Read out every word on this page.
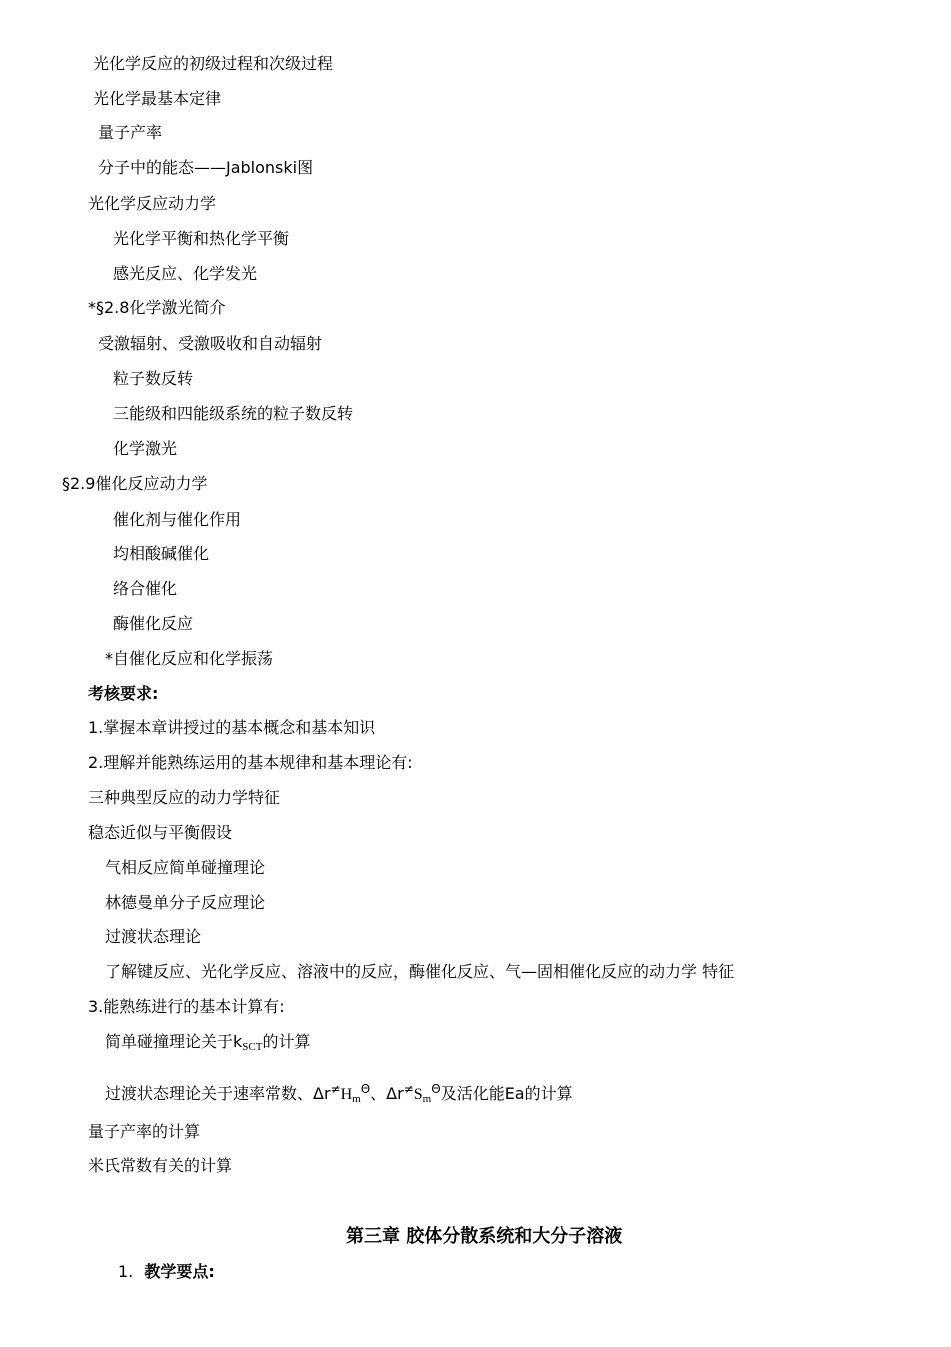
光化学反应的初级过程和次级过程
光化学最基本定律
量子产率
分子中的能态——Jablonski图
光化学反应动力学
光化学平衡和热化学平衡
感光反应、化学发光
*§2.8化学激光简介
受激辐射、受激吸收和自动辐射
粒子数反转
三能级和四能级系统的粒子数反转
化学激光
§2.9催化反应动力学
催化剂与催化作用
均相酸碱催化
络合催化
酶催化反应
*自催化反应和化学振荡
考核要求:
1.掌握本章讲授过的基本概念和基本知识
2.理解并能熟练运用的基本规律和基本理论有:
三种典型反应的动力学特征
稳态近似与平衡假设
气相反应简单碰撞理论
林德曼单分子反应理论
过渡状态理论
了解键反应、光化学反应、溶液中的反应，酶催化反应、气—固相催化反应的动力学 特征
3.能熟练进行的基本计算有:
简单碰撞理论关于$k_{SCT}$的计算
过渡状态理论关于速率常数、$\Delta r^\ne H_m^\Theta$、$\Delta r^\ne S_m^\Theta$及活化能Ea的计算
量子产率的计算
米氏常数有关的计算
第三章 胶体分散系统和大分子溶液
1. 教学要点:
